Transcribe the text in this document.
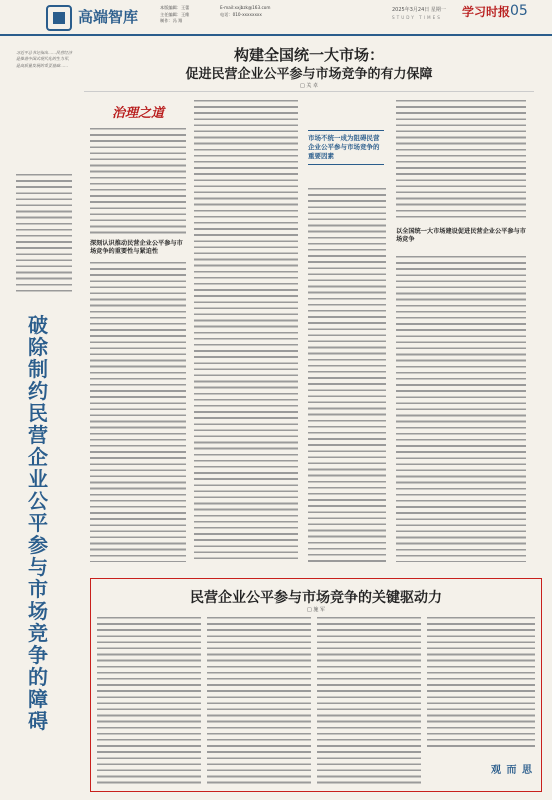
高端智库
本版编辑：王蕾
主任编辑：王维
制作：冯 翔
E-mail:xxjbzk@163.com
电话：010-xxxxxxxx
2025年3月24日 星期一
STUDY TIMES 学习时报 05
习近平总书记指出……民营经济是推进中国式现代化的生力军，是高质量发展的重要基础……
破除制约民营企业公平参与市场竞争的障碍
构建全国统一大市场：
促进民营企业公平参与市场竞争的有力保障
□ 关 卓
治理之道
深刻认识推动民营企业公平参与市场竞争的重要性与紧迫性
市场不统一成为阻碍民营企业公平参与市场竞争的重要因素
以全国统一大市场建设促进民营企业公平参与市场竞争
民营企业公平参与市场竞争的关键驱动力
□ 施 军
观 而 思
